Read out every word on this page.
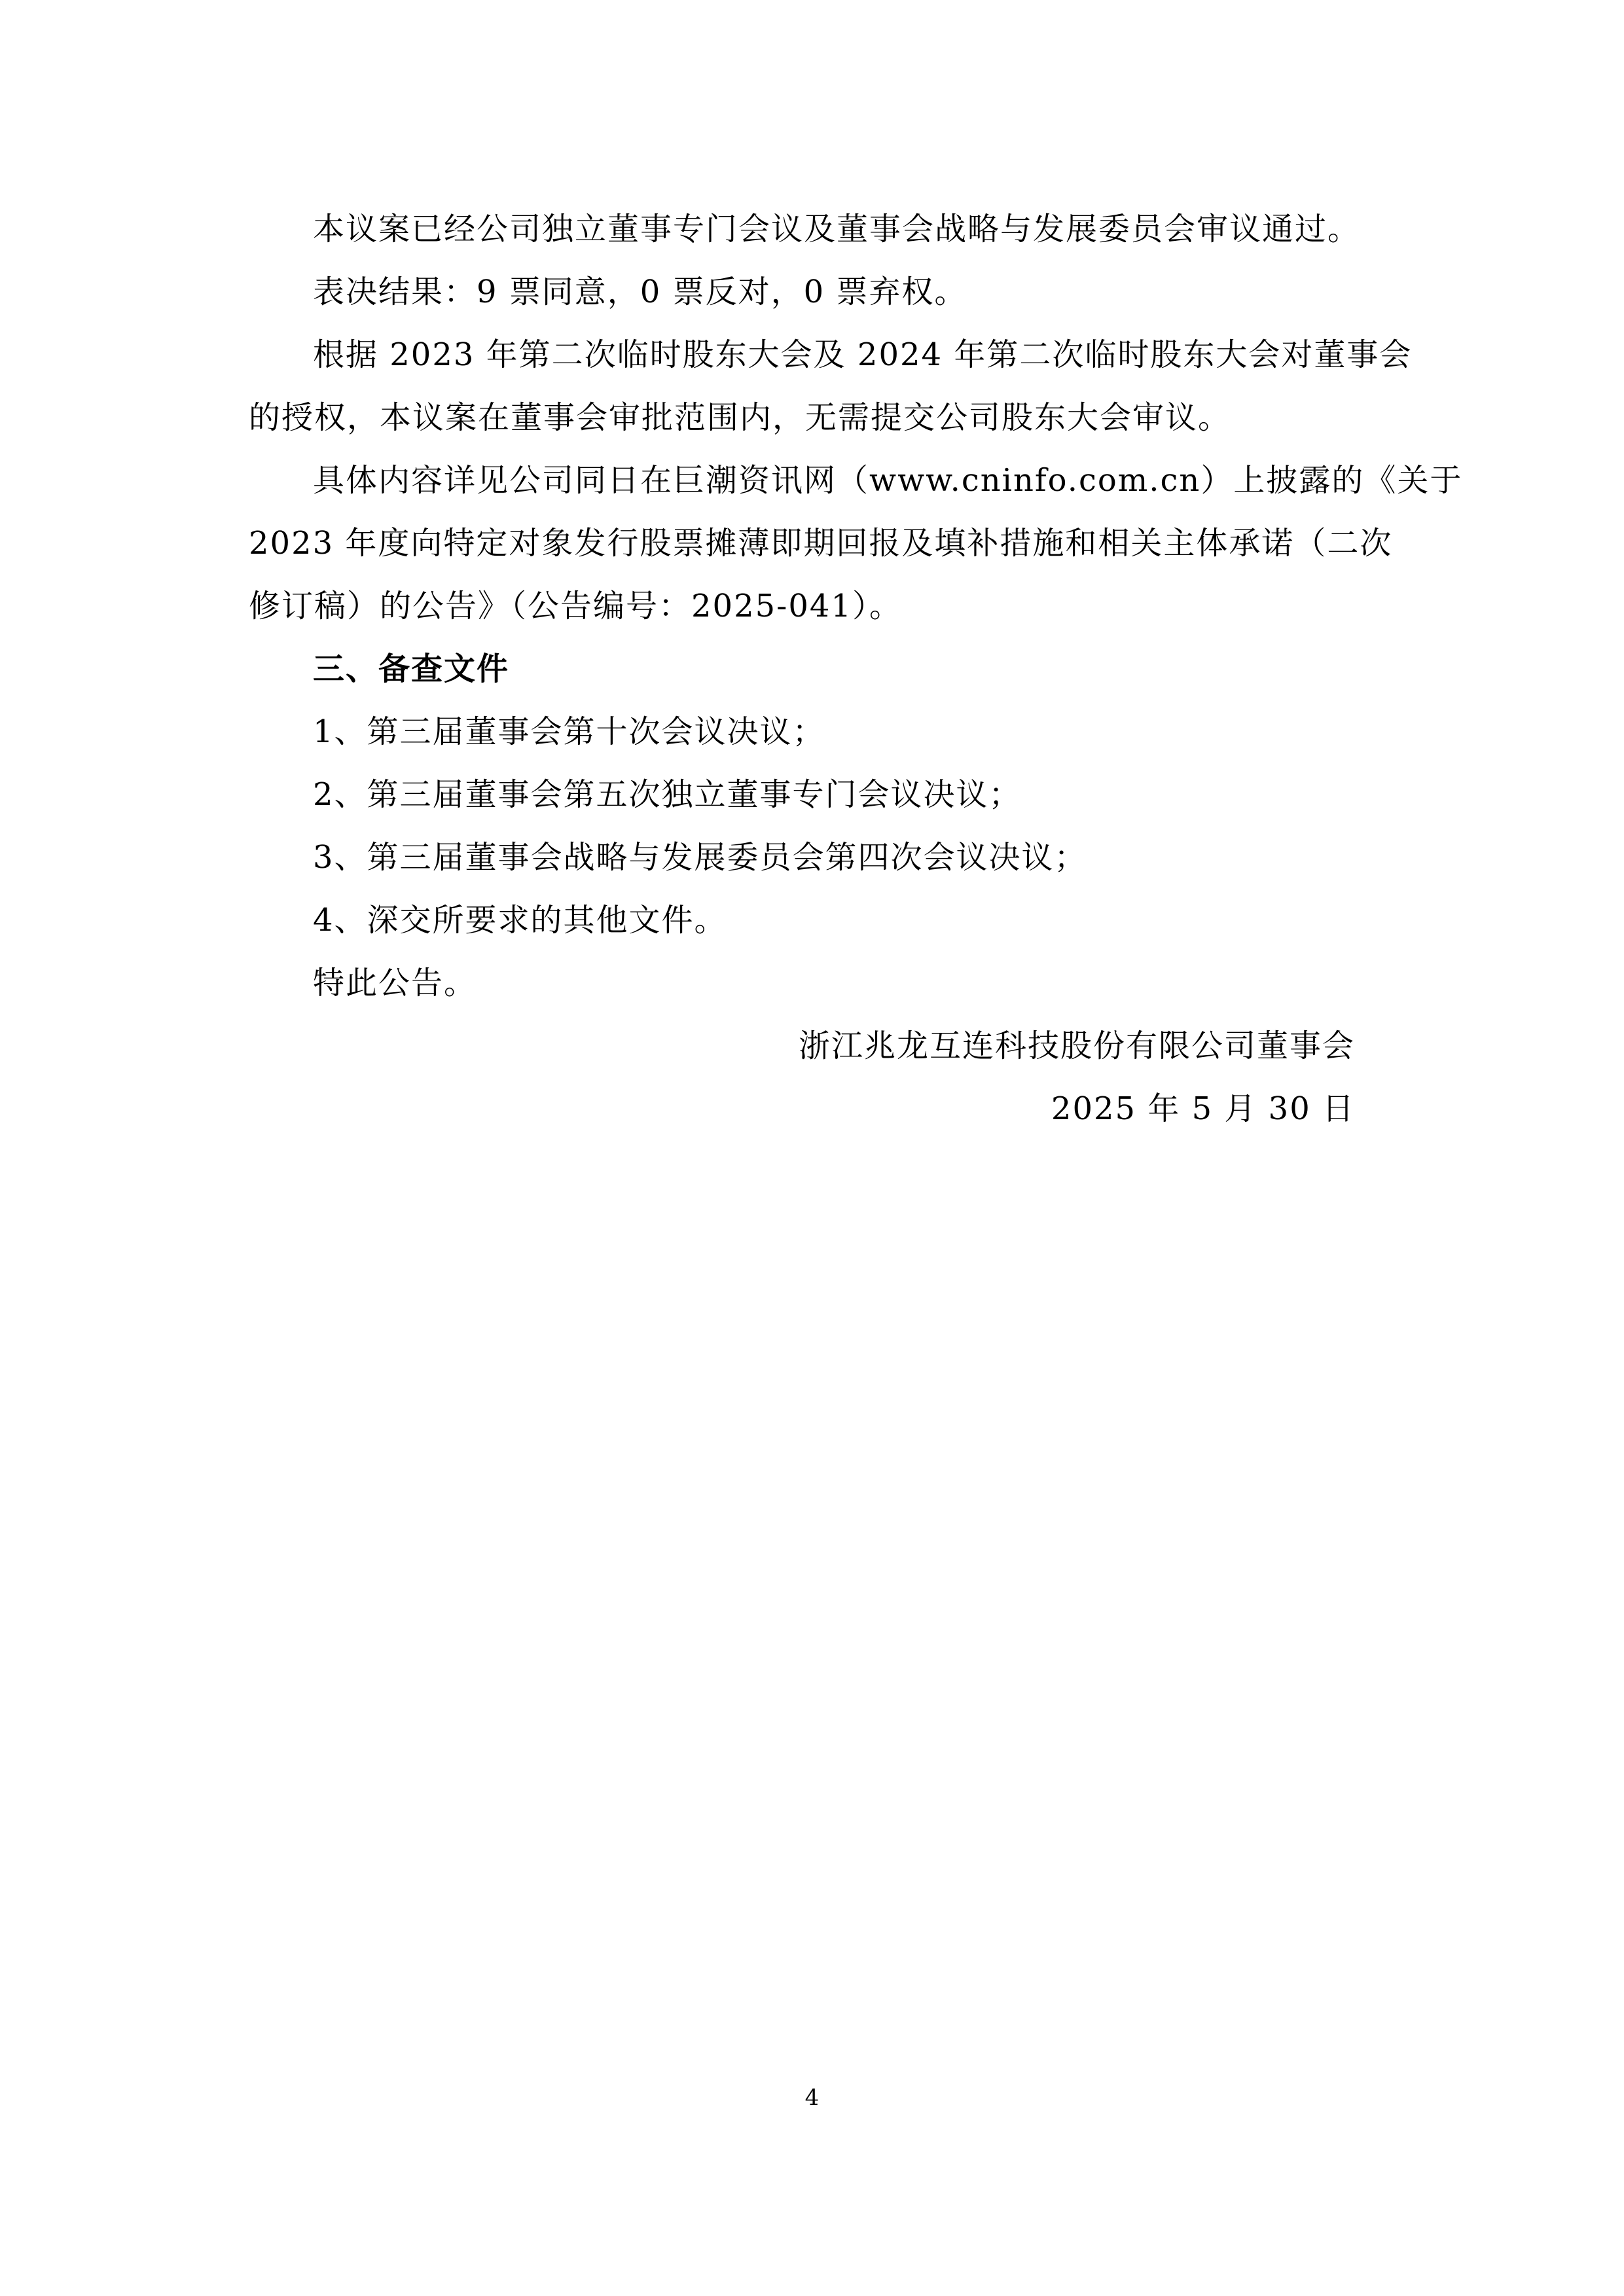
本议案已经公司独立董事专门会议及董事会战略与发展委员会审议通过。
表决结果：9 票同意，0 票反对，0 票弃权。
根据 2023 年第二次临时股东大会及 2024 年第二次临时股东大会对董事会
的授权，本议案在董事会审批范围内，无需提交公司股东大会审议。
具体内容详见公司同日在巨潮资讯网（www.cninfo.com.cn）上披露的《关于
2023 年度向特定对象发行股票摊薄即期回报及填补措施和相关主体承诺（二次
修订稿）的公告》（公告编号：2025-041）。
三、备查文件
1、第三届董事会第十次会议决议；
2、第三届董事会第五次独立董事专门会议决议；
3、第三届董事会战略与发展委员会第四次会议决议；
4、深交所要求的其他文件。
特此公告。
浙江兆龙互连科技股份有限公司董事会
2025 年 5 月 30 日
4
